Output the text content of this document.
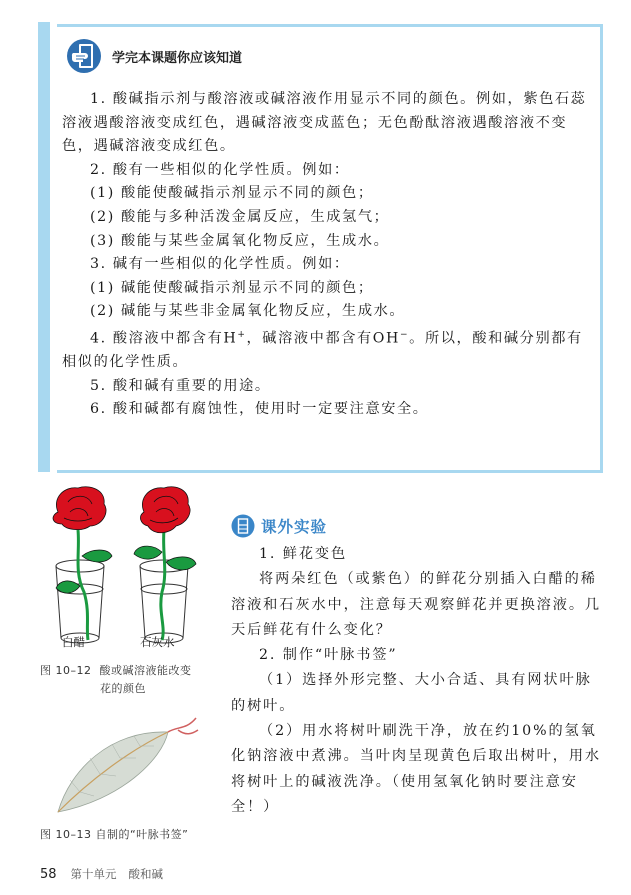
学完本课题你应该知道

1. 酸碱指示剂与酸溶液或碱溶液作用显示不同的颜色。例如，紫色石蕊溶液遇酸溶液变成红色，遇碱溶液变成蓝色；无色酚酞溶液遇酸溶液不变色，遇碱溶液变成红色。

2. 酸有一些相似的化学性质。例如：

(1) 酸能使酸碱指示剂显示不同的颜色；

(2) 酸能与多种活泼金属反应，生成氢气；

(3) 酸能与某些金属氧化物反应，生成水。

3. 碱有一些相似的化学性质。例如：

(1) 碱能使酸碱指示剂显示不同的颜色；

(2) 碱能与某些非金属氧化物反应，生成水。

4. 酸溶液中都含有H+，碱溶液中都含有OH−。所以，酸和碱分别都有相似的化学性质。

5. 酸和碱有重要的用途。

6. 酸和碱都有腐蚀性，使用时一定要注意安全。

白醋	石灰水
图 10–12 酸或碱溶液能改变
花的颜色
图 10–13 自制的“叶脉书签”
课外实验

1. 鲜花变色

将两朵红色（或紫色）的鲜花分别插入白醋的稀溶液和石灰水中，注意每天观察鲜花并更换溶液。几天后鲜花有什么变化？

2. 制作“叶脉书签”

（1）选择外形完整、大小合适、具有网状叶脉的树叶。

（2）用水将树叶刷洗干净，放在约10%的氢氧化钠溶液中煮沸。当叶肉呈现黄色后取出树叶，用水将树叶上的碱液洗净。（使用氢氧化钠时要注意安全！）

58 第十单元 酸和碱
